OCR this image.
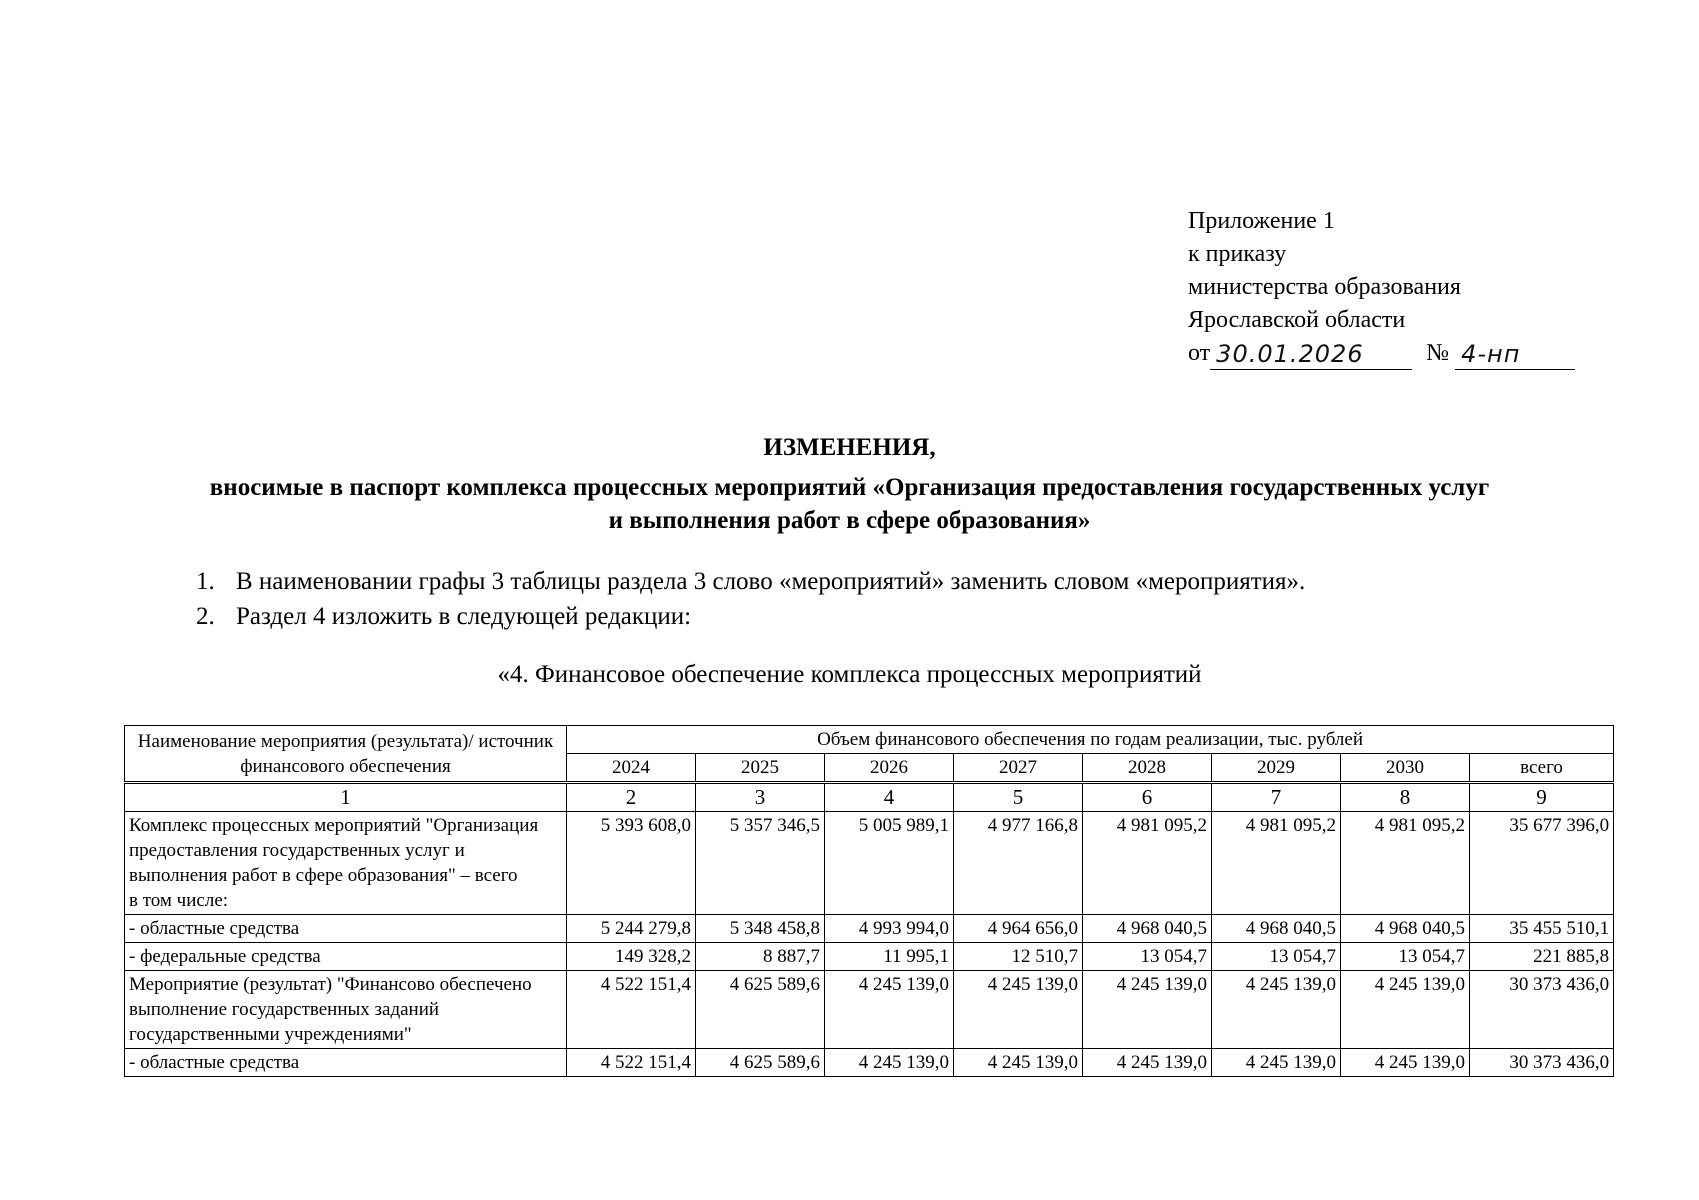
Приложение 1
к приказу
министерства образования
Ярославской области
от 30.01.2026	№ 4-нп
ИЗМЕНЕНИЯ,
вносимые в паспорт комплекса процессных мероприятий «Организация предоставления государственных услуг
и выполнения работ в сфере образования»
1. В наименовании графы 3 таблицы раздела 3 слово «мероприятий» заменить словом «мероприятия».
2. Раздел 4 изложить в следующей редакции:
«4. Финансовое обеспечение комплекса процессных мероприятий
Наименование мероприятия (результата)/ источник финансового обеспечения	Объем финансового обеспечения по годам реализации, тыс. рублей							
	2024	2025	2026	2027	2028	2029	2030	всего
1	2	3	4	5	6	7	8	9
Комплекс процессных мероприятий "Организация предоставления государственных услуг и выполнения работ в сфере образования" – всего
в том числе:	5 393 608,0	5 357 346,5	5 005 989,1	4 977 166,8	4 981 095,2	4 981 095,2	4 981 095,2	35 677 396,0
- областные средства	5 244 279,8	5 348 458,8	4 993 994,0	4 964 656,0	4 968 040,5	4 968 040,5	4 968 040,5	35 455 510,1
- федеральные средства	149 328,2	8 887,7	11 995,1	12 510,7	13 054,7	13 054,7	13 054,7	221 885,8
Мероприятие (результат) "Финансово обеспечено выполнение государственных заданий государственными учреждениями"	4 522 151,4	4 625 589,6	4 245 139,0	4 245 139,0	4 245 139,0	4 245 139,0	4 245 139,0	30 373 436,0
- областные средства	4 522 151,4	4 625 589,6	4 245 139,0	4 245 139,0	4 245 139,0	4 245 139,0	4 245 139,0	30 373 436,0
